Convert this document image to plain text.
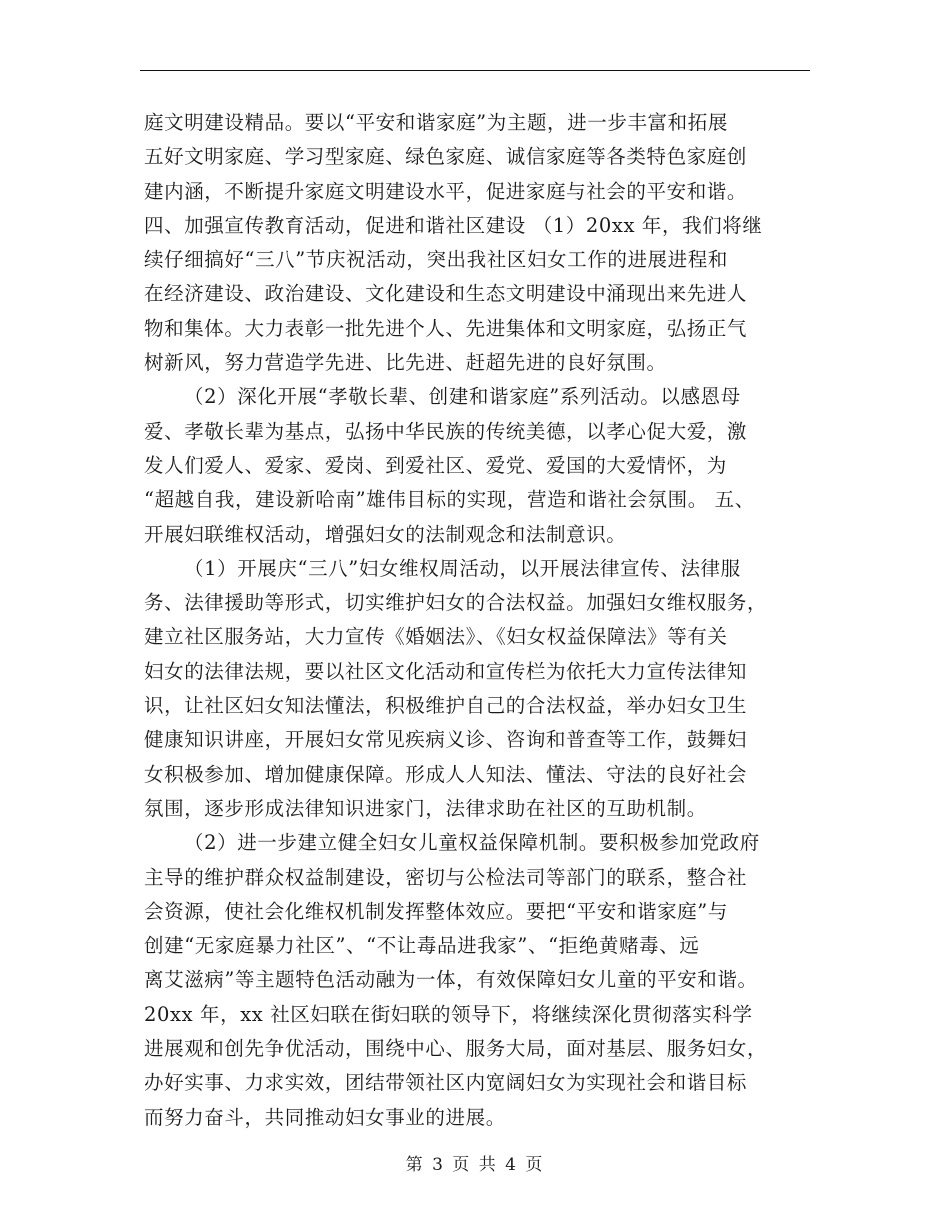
庭文明建设精品。要以“平安和谐家庭”为主题，进一步丰富和拓展
五好文明家庭、学习型家庭、绿色家庭、诚信家庭等各类特色家庭创
建内涵，不断提升家庭文明建设水平，促进家庭与社会的平安和谐。
四、加强宣传教育活动，促进和谐社区建设 （1）20xx 年，我们将继
续仔细搞好“三八”节庆祝活动，突出我社区妇女工作的进展进程和
在经济建设、政治建设、文化建设和生态文明建设中涌现出来先进人
物和集体。大力表彰一批先进个人、先进集体和文明家庭，弘扬正气
树新风，努力营造学先进、比先进、赶超先进的良好氛围。
（2）深化开展“孝敬长辈、创建和谐家庭”系列活动。以感恩母
爱、孝敬长辈为基点，弘扬中华民族的传统美德，以孝心促大爱，激
发人们爱人、爱家、爱岗、到爱社区、爱党、爱国的大爱情怀，为
“超越自我，建设新哈南”雄伟目标的实现，营造和谐社会氛围。 五、
开展妇联维权活动，增强妇女的法制观念和法制意识。
（1）开展庆“三八”妇女维权周活动，以开展法律宣传、法律服
务、法律援助等形式，切实维护妇女的合法权益。加强妇女维权服务，
建立社区服务站，大力宣传《婚姻法》、《妇女权益保障法》等有关
妇女的法律法规，要以社区文化活动和宣传栏为依托大力宣传法律知
识，让社区妇女知法懂法，积极维护自己的合法权益，举办妇女卫生
健康知识讲座，开展妇女常见疾病义诊、咨询和普查等工作，鼓舞妇
女积极参加、增加健康保障。形成人人知法、懂法、守法的良好社会
氛围，逐步形成法律知识进家门，法律求助在社区的互助机制。
（2）进一步建立健全妇女儿童权益保障机制。要积极参加党政府
主导的维护群众权益制建设，密切与公检法司等部门的联系，整合社
会资源，使社会化维权机制发挥整体效应。要把“平安和谐家庭”与
创建“无家庭暴力社区”、“不让毒品进我家”、“拒绝黄赌毒、远
离艾滋病”等主题特色活动融为一体，有效保障妇女儿童的平安和谐。
20xx 年，xx 社区妇联在街妇联的领导下，将继续深化贯彻落实科学
进展观和创先争优活动，围绕中心、服务大局，面对基层、服务妇女，
办好实事、力求实效，团结带领社区内宽阔妇女为实现社会和谐目标
而努力奋斗，共同推动妇女事业的进展。
第 3 页 共 4 页
